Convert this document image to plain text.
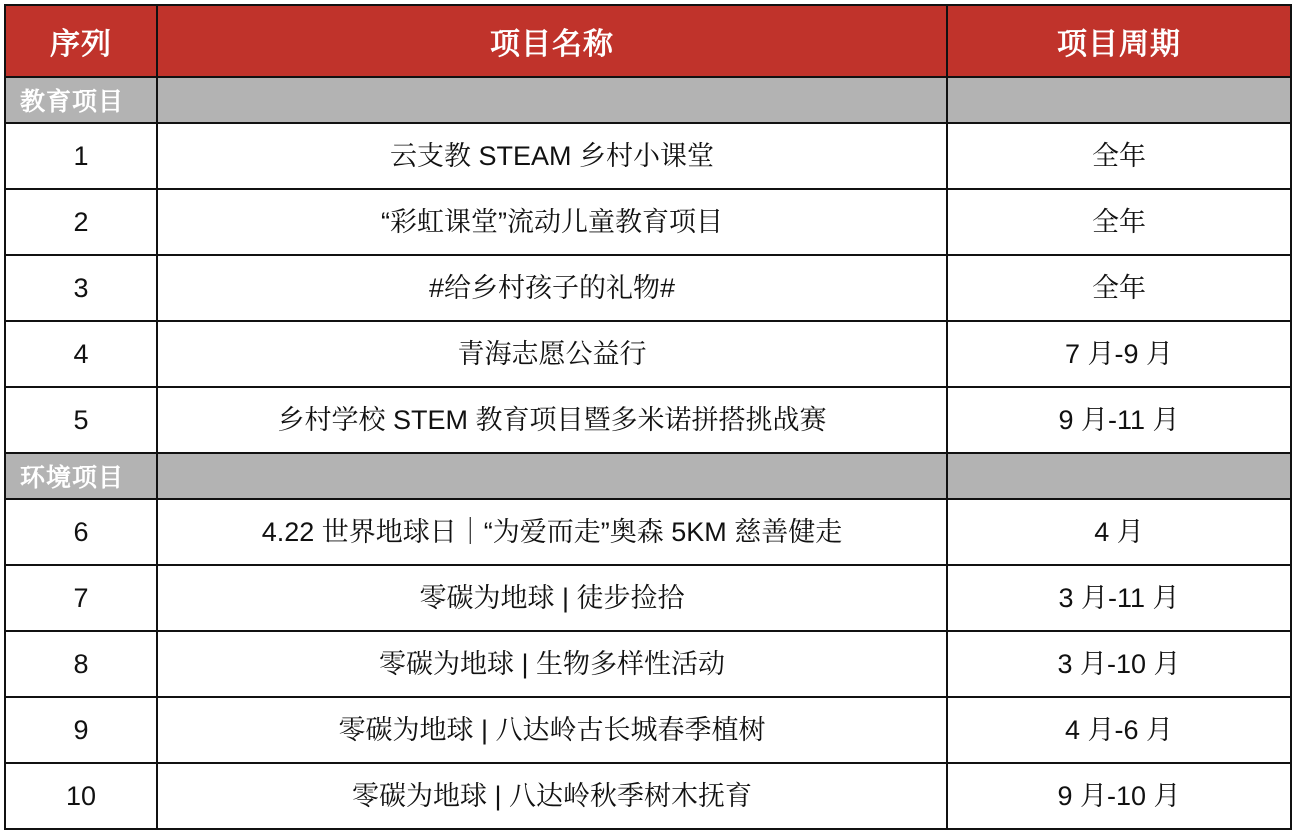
序列	项目名称	项目周期
教育项目		
1	云支教 STEAM 乡村小课堂	全年
2	“彩虹课堂”流动儿童教育项目	全年
3	#给乡村孩子的礼物#	全年
4	青海志愿公益行	7 月-9 月
5	乡村学校 STEM 教育项目暨多米诺拼搭挑战赛	9 月-11 月
环境项目		
6	4.22 世界地球日｜“为爱而走”奥森 5KM 慈善健走	4 月
7	零碳为地球 | 徒步捡拾	3 月-11 月
8	零碳为地球 | 生物多样性活动	3 月-10 月
9	零碳为地球 | 八达岭古长城春季植树	4 月-6 月
10	零碳为地球 | 八达岭秋季树木抚育	9 月-10 月
